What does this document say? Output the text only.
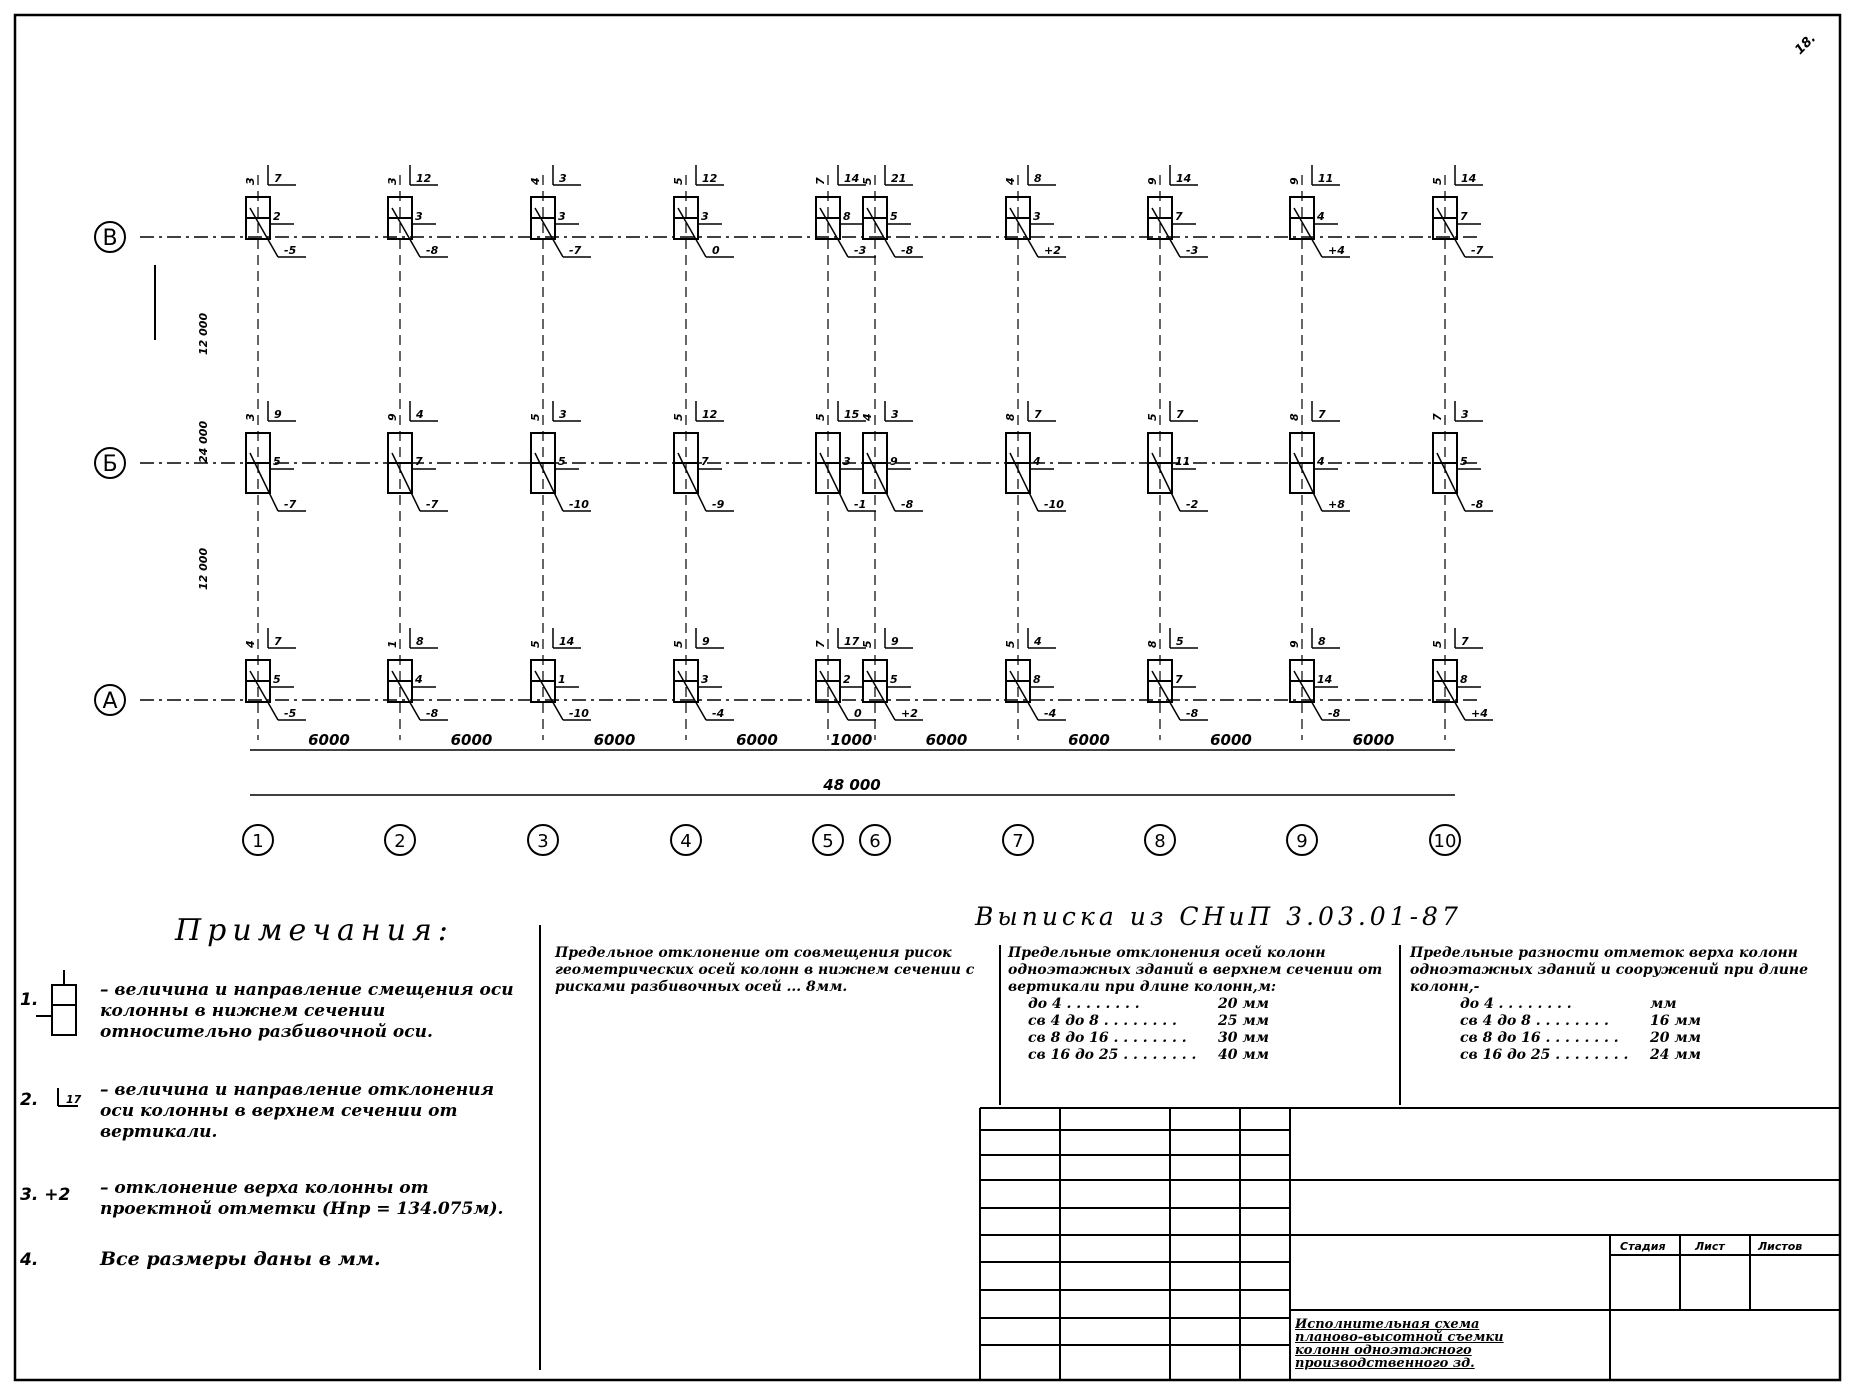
18.
В
Б
А
12 000
24 000
12 000
1	2	3	4	5 6	7	8	9	10
6000	6000	6000	6000	1000	6000	6000	6000	6000
48 000
-5
2
7
3
-8
3
12
3
-7
3
3
4
0
3
12
5
-3
8
14
7
-8
5
21
5
+2
3
8
4
-3
7
14
9
+4
4
11
9
-7
7
14
5
-7
5
9
3
-7
7
4
9
-10
5
3
5
-9
7
12
5
-1
3
15
5
-8
9
3
4
-10
4
7
8
-2
11
7
5
+8
4
7
8
-8
5
3
7
-5
5
7
4
-8
4
8
1
-10
1
14
5
-4
3
9
5
0
2
17
7
+2
5
9
5
-4
8
4
5
-8
7
5
8
-8
14
8
9
+4
8
7
5
Примечания:
17
1.
2.
3. +2
4.
Выписка из СНиП 3.03.01-87
Стадия	Лист	Листов
– величина и направление смещения оси колонны в нижнем сечении относительно разбивочной оси.
– величина и направление отклонения оси колонны в верхнем сечении от вертикали.
– отклонение верха колонны от проектной отметки (Hпр = 134.075м).
Все размеры даны в мм.
Предельное отклонение от совмещения рисок геометрических осей колонн в нижнем сечении с рисками разбивочных осей ... 8мм.
Предельные отклонения осей колонн одноэтажных зданий в верхнем сечении от вертикали при длине колонн,м:
до 4 . . . . . . . .	20 мм
св 4 до 8 . . . . . . . .	25 мм
св 8 до 16 . . . . . . . .	30 мм
св 16 до 25 . . . . . . . .	40 мм
Предельные разности отметок верха колонн одноэтажных зданий и сооружений при длине колонн,-
до 4 . . . . . . . .	мм
св 4 до 8 . . . . . . . .	16 мм
св 8 до 16 . . . . . . . .	20 мм
св 16 до 25 . . . . . . . .	24 мм
Исполнительная схема планово-высотной съемки колонн одноэтажного производственного зд.
